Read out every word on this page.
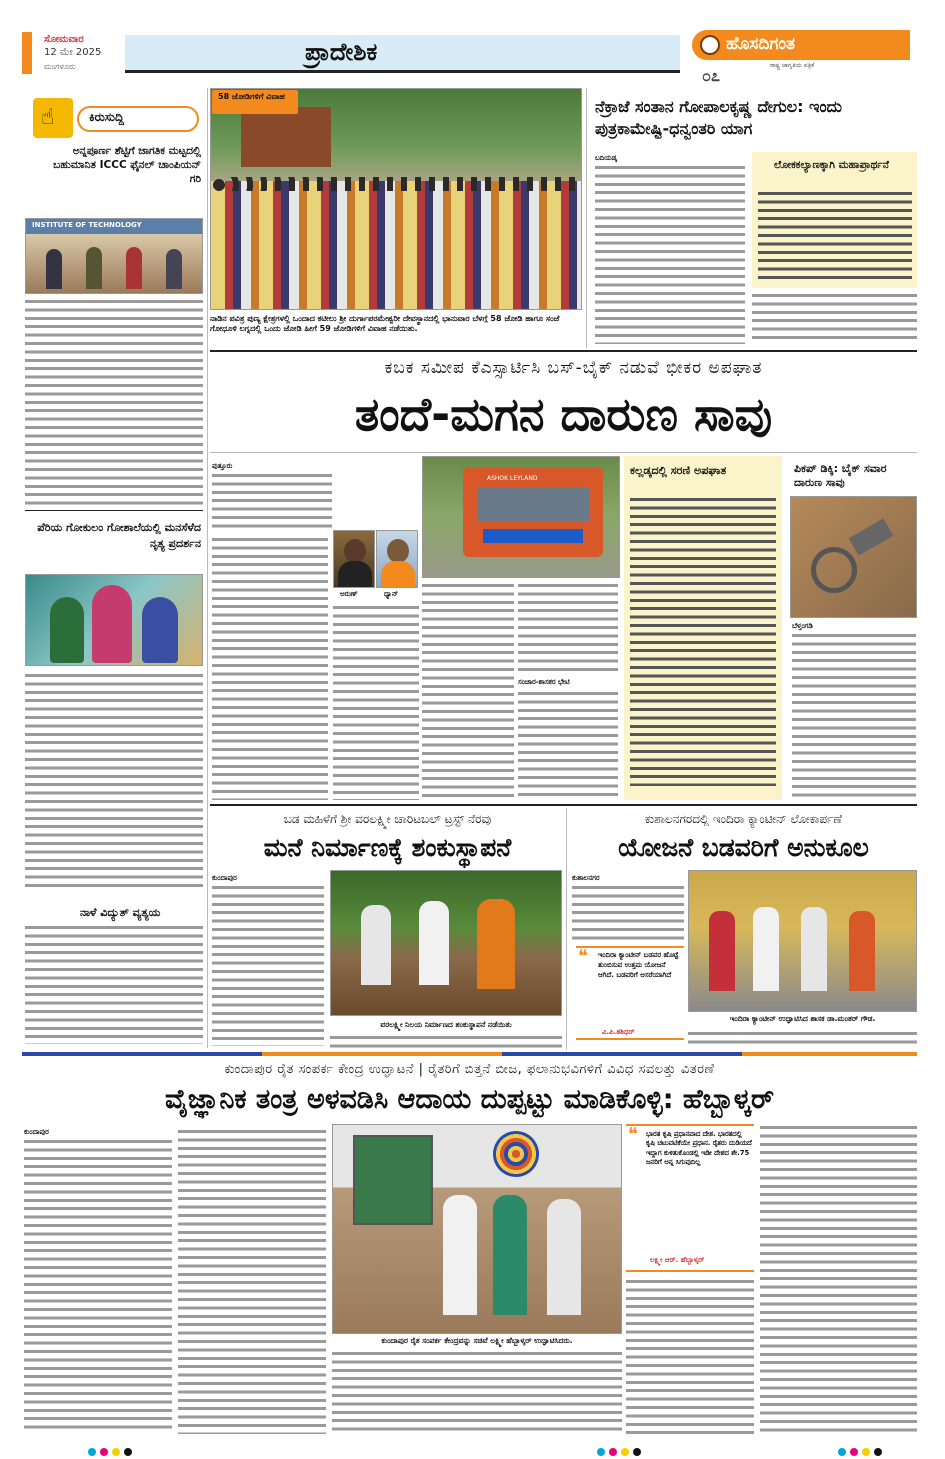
ಸೋಮವಾರ
12 ಮೇ 2025
ಮಂಗಳೂರು
ಪ್ರಾದೇಶಿಕ	ಹೊಸದಿಗಂತ
ರಾಷ್ಟ್ರ ಜಾಗೃತಿಯ ಪತ್ರಿಕೆ
೦೭
☝	ಕಿರುಸುದ್ದಿ
ಅನ್ನಪೂರ್ಣ ಶೆಟ್ಟಿಗೆ ಜಾಗತಿಕ ಮಟ್ಟದಲ್ಲಿ ಬಹುಮಾನಿತ ICCC ಫೈನಲ್ ಚಾಂಪಿಯನ್‌ ಗರಿ
INSTITUTE OF TECHNOLOGY
ಪೆರಿಯ ಗೋಕುಲಂ ಗೋಶಾಲೆಯಲ್ಲಿ ಮನಸೆಳೆದ ನೃತ್ಯ ಪ್ರದರ್ಶನ
ನಾಳೆ ವಿದ್ಯುತ್ ವ್ಯತ್ಯಯ
58 ಜೋಡಿಗಳಿಗೆ ವಿವಾಹ
ನಾಡಿನ ಪವಿತ್ರ ಪುಣ್ಯ ಕ್ಷೇತ್ರಗಳಲ್ಲಿ ಒಂದಾದ ಕಟೀಲು ಶ್ರೀ ದುರ್ಗಾಪರಮೇಶ್ವರೀ ದೇವಸ್ಥಾನದಲ್ಲಿ ಭಾನುವಾರ ಬೆಳಗ್ಗೆ 58 ಜೋಡಿ ಹಾಗೂ ಸಂಜೆ ಗೋಧೂಳಿ ಲಗ್ನದಲ್ಲಿ ಒಂದು ಜೋಡಿ ಹೀಗೆ 59 ಜೋಡಿಗಳಿಗೆ ವಿವಾಹ ನಡೆಯಿತು.
ನೆಕ್ರಾಜೆ ಸಂತಾನ ಗೋಪಾಲಕೃಷ್ಣ ದೇಗುಲ: ಇಂದು ಪುತ್ರಕಾಮೇಷ್ಟಿ-ಧನ್ವಂತರಿ ಯಾಗ
ಬದಿಯಡ್ಕ
ಲೋಕಕಲ್ಯಾಣಕ್ಕಾಗಿ ಮಹಾಪ್ರಾರ್ಥನೆ
ಕಬಕ ಸಮೀಪ ಕೆಎಸ್ಸಾರ್ಟಿಸಿ ಬಸ್-ಬೈಕ್ ನಡುವೆ ಭೀಕರ ಅಪಘಾತ
ತಂದೆ-ಮಗನ ದಾರುಣ ಸಾವು
ಪುತ್ತೂರು
ಅರುಣ್	ಧ್ಯಾನ್
ASHOK LEYLAND
ಸಂಚಾರ-ಶಾಸಕರ ಭೇಟಿ
ಕಲ್ಲಡ್ಕದಲ್ಲಿ ಸರಣಿ ಅಪಘಾತ	ಪಿಕಪ್ ಡಿಕ್ಕಿ: ಬೈಕ್ ಸವಾರ ದಾರುಣ ಸಾವು
ಬೆಳ್ತಂಗಡಿ
ಬಡ ಮಹಿಳೆಗೆ ಶ್ರೀ ವರಲಕ್ಷ್ಮೀ ಚಾರಿಟಬಲ್ ಟ್ರಸ್ಟ್ ನೆರವು
ಮನೆ ನಿರ್ಮಾಣಕ್ಕೆ ಶಂಕುಸ್ಥಾಪನೆ
ಕುಂದಾಪುರ
ವರಲಕ್ಷ್ಮೀ ನಿಲಯ ನಿರ್ಮಾಣದ ಶಂಕುಸ್ಥಾಪನೆ ನಡೆಯಿತು
ಕುಶಾಲನಗರದಲ್ಲಿ ಇಂದಿರಾ ಕ್ಯಾಂಟೀನ್ ಲೋಕಾರ್ಪಣೆ
ಯೋಜನೆ ಬಡವರಿಗೆ ಅನುಕೂಲ
ಕುಶಾಲನಗರ
ಇಂದಿರಾ ಕ್ಯಾಂಟೀನ್ ಉದ್ಘಾಟಿಸಿದ ಶಾಸಕ ಡಾ.ಮಂತರ್ ಗೌಡ.
❝ ಇಂದಿರಾ ಕ್ಯಾಂಟೀನ್ ಬಡವರ ಹೊಟ್ಟೆ ತುಂಬಿಸುವ ಉತ್ತಮ ಯೋಜನೆ ಆಗಿದೆ. ಬಡವರಿಗೆ ಆಸರೆಯಾಗಿದೆ
ವಿ.ಪಿ.ಶಶಿಧರ್
ಕುಂದಾಪುರ ರೈತ ಸಂಪರ್ಕ ಕೇಂದ್ರ ಉದ್ಘಾಟನೆ | ರೈತರಿಗೆ ಬಿತ್ತನೆ ಬೀಜ, ಫಲಾನುಭವಿಗಳಿಗೆ ವಿವಿಧ ಸವಲತ್ತು ವಿತರಣೆ
ವೈಜ್ಞಾನಿಕ ತಂತ್ರ ಅಳವಡಿಸಿ ಆದಾಯ ದುಪ್ಪಟ್ಟು ಮಾಡಿಕೊಳ್ಳಿ: ಹೆಬ್ಬಾಳ್ಕರ್
ಕುಂದಾಪುರ
ಕುಂದಾಪುರ ರೈತ ಸಂಪರ್ಕ ಕೇಂದ್ರವನ್ನು ಸಚಿವೆ ಲಕ್ಷ್ಮೀ ಹೆಬ್ಬಾಳ್ಕರ್ ಉದ್ಘಾಟಿಸಿದರು.
❝ ಭಾರತ ಕೃಷಿ ಪ್ರಧಾನವಾದ ದೇಶ. ಭಾರತದಲ್ಲಿ ಕೃಷಿ ಚಟುವಟಿಕೆಯೇ ಪ್ರಧಾನ. ರೈತರು ದುಡಿಯದೆ ಇದ್ದಾಗ ಕುಳಿತುಕೊಂಡಲ್ಲಿ ಇಡೀ ದೇಶದ ಶೇ.75 ಜನರಿಗೆ ಅನ್ನ ಸಿಗುವುದಿಲ್ಲ
ಲಕ್ಷ್ಮೀ ಆರ್. ಹೆಬ್ಬಾಳ್ಕರ್
